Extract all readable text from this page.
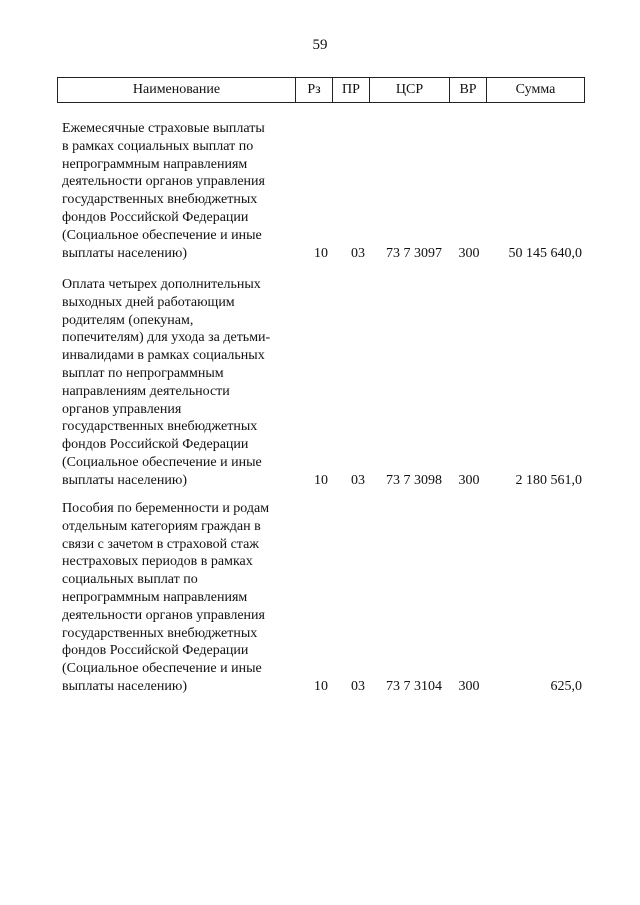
59
Наименование	Рз	ПР	ЦСР	ВР	Сумма
Ежемесячные страховые выплаты
в рамках социальных выплат по
непрограммным направлениям
деятельности органов управления
государственных внебюджетных
фондов Российской Федерации
(Социальное обеспечение и иные
выплаты населению)	10	03	73 7 3097	300	50 145 640,0
Оплата четырех дополнительных
выходных дней работающим
родителям (опекунам,
попечителям) для ухода за детьми-
инвалидами в рамках социальных
выплат по непрограммным
направлениям деятельности
органов управления
государственных внебюджетных
фондов Российской Федерации
(Социальное обеспечение и иные
выплаты населению)	10	03	73 7 3098	300	2 180 561,0
Пособия по беременности и родам
отдельным категориям граждан в
связи с зачетом в страховой стаж
нестраховых периодов в рамках
социальных выплат по
непрограммным направлениям
деятельности органов управления
государственных внебюджетных
фондов Российской Федерации
(Социальное обеспечение и иные
выплаты населению)	10	03	73 7 3104	300	625,0
